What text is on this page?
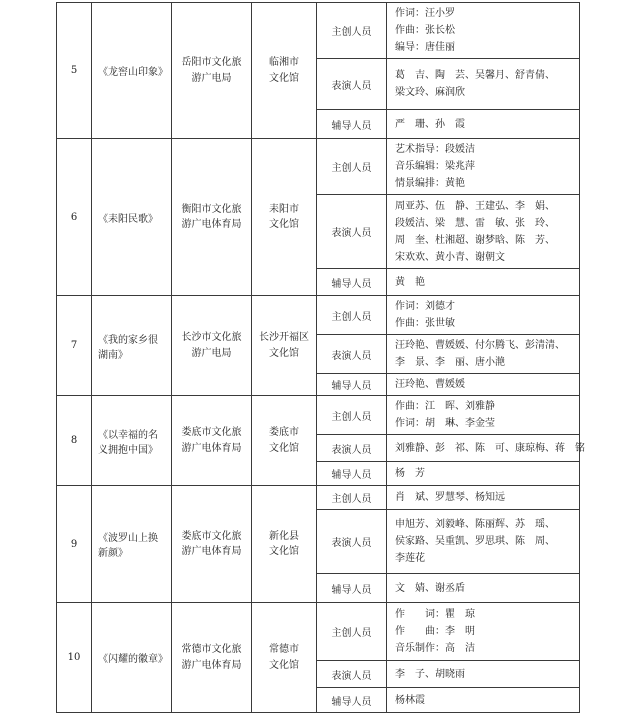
5	《龙窖山印象》	岳阳市文化旅
游广电局	临湘市
文化馆	主创人员	作词：汪小罗
作曲：张长松
编导：唐佳丽

				表演人员	葛　吉、陶　芸、吴馨月、舒青倩、
梁文玲、麻润欣

				辅导人员	严　珊、孙　霞

6	《耒阳民歌》	衡阳市文化旅
游广电体育局	耒阳市
文化馆	主创人员	艺术指导：段媛洁
音乐编辑：梁兆萍
情景编排：黄艳

				表演人员	周亚苏、伍　静、王建弘、李　娟、
段媛洁、梁　慧、雷　敏、张　玲、
周　奎、杜湘超、谢梦晗、陈　芳、
宋欢欢、黄小青、谢朝文

				辅导人员	黄　艳

7	《我的家乡很湖南》	长沙市文化旅
游广电局	长沙开福区
文化馆	主创人员	作词：刘德才
作曲：张世敏

				表演人员	汪玲艳、曹媛媛、付尔腾飞、彭清清、
李　景、李　丽、唐小滟

				辅导人员	汪玲艳、曹媛媛

8	《以幸福的名义拥抱中国》	娄底市文化旅
游广电体育局	娄底市
文化馆	主创人员	作曲：江　晖、刘雅静
作词：胡　琳、李金莹

				表演人员	刘雅静、彭　祁、陈　可、康琼梅、蒋　铭

				辅导人员	杨　芳

9	《波罗山上换新颜》	娄底市文化旅
游广电体育局	新化县
文化馆	主创人员	肖　斌、罗慧琴、杨知远

				表演人员	申旭芳、刘毅峰、陈丽辉、苏　瑶、
侯家路、吴重凯、罗思琪、陈　周、
李莲花

				辅导人员	文　婧、谢丞盾

10	《闪耀的徽章》	常德市文化旅
游广电体育局	常德市
文化馆	主创人员	作　　词：瞿　琼
作　　曲：李　明
音乐制作：高　洁

				表演人员	李　子、胡晓雨

				辅导人员	杨林霞
